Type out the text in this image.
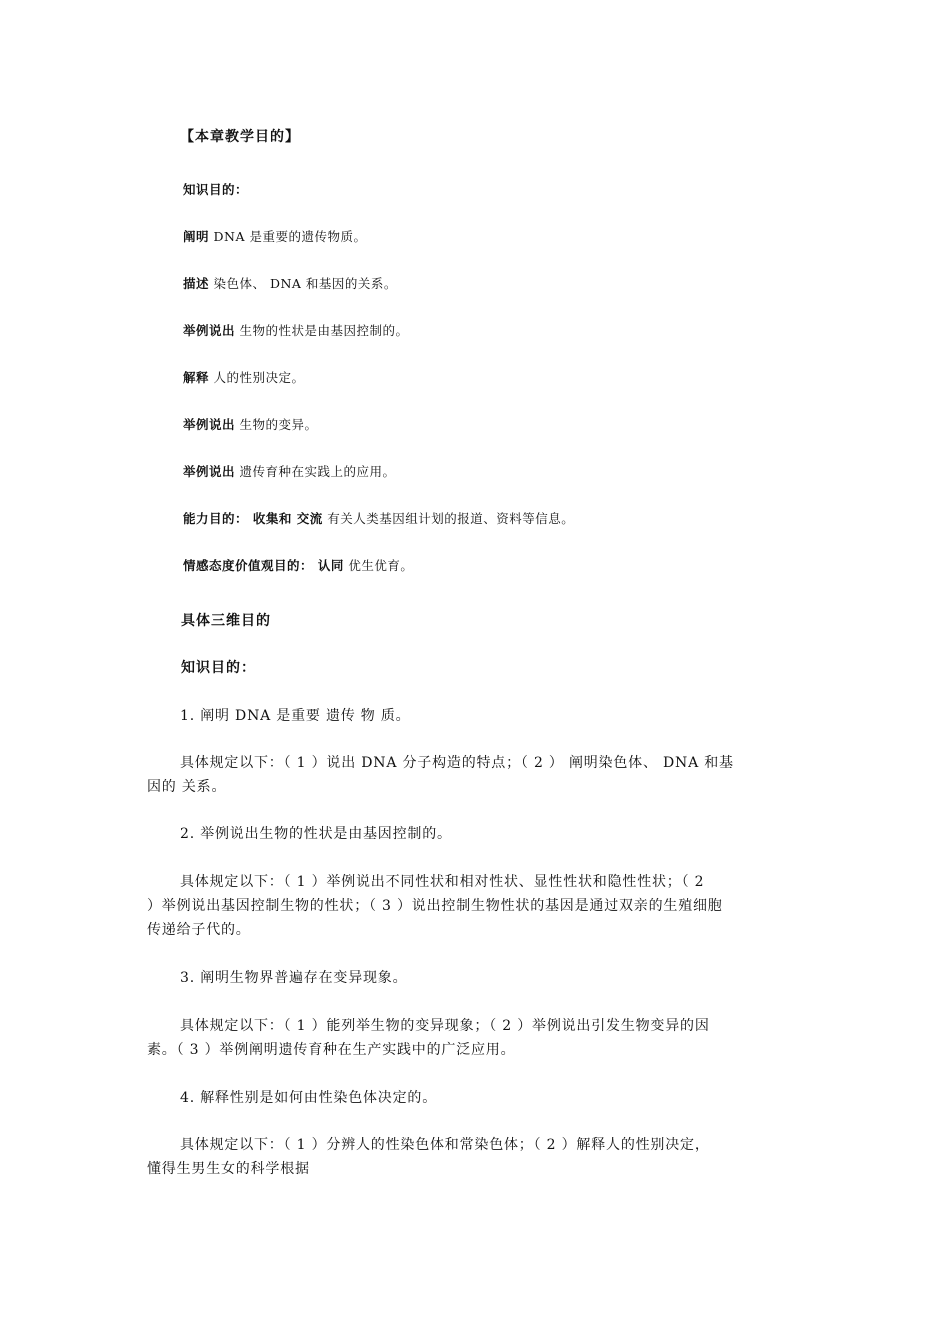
【本章教学目的】
知识目的：
阐明 DNA 是重要的遗传物质。
描述 染色体、 DNA 和基因的关系。
举例说出 生物的性状是由基因控制的。
解释 人的性别决定。
举例说出 生物的变异。
举例说出 遗传育种在实践上的应用。
能力目的： 收集和 交流 有关人类基因组计划的报道、资料等信息。
情感态度价值观目的： 认同 优生优育。
具体三维目的
知识目的：
1. 阐明 DNA 是重要 遗传 物 质。
具体规定以下：（ 1 ）说出 DNA 分子构造的特点；（ 2 ） 阐明染色体、 DNA 和基
因的 关系。
2. 举例说出生物的性状是由基因控制的。
具体规定以下：（ 1 ）举例说出不同性状和相对性状、显性性状和隐性性状；（ 2
）举例说出基因控制生物的性状；（ 3 ）说出控制生物性状的基因是通过双亲的生殖细胞
传递给子代的。
3. 阐明生物界普遍存在变异现象。
具体规定以下：（ 1 ）能列举生物的变异现象；（ 2 ）举例说出引发生物变异的因
素。（ 3 ）举例阐明遗传育种在生产实践中的广泛应用。
4. 解释性别是如何由性染色体决定的。
具体规定以下：（ 1 ）分辨人的性染色体和常染色体；（ 2 ）解释人的性别决定，
懂得生男生女的科学根据
